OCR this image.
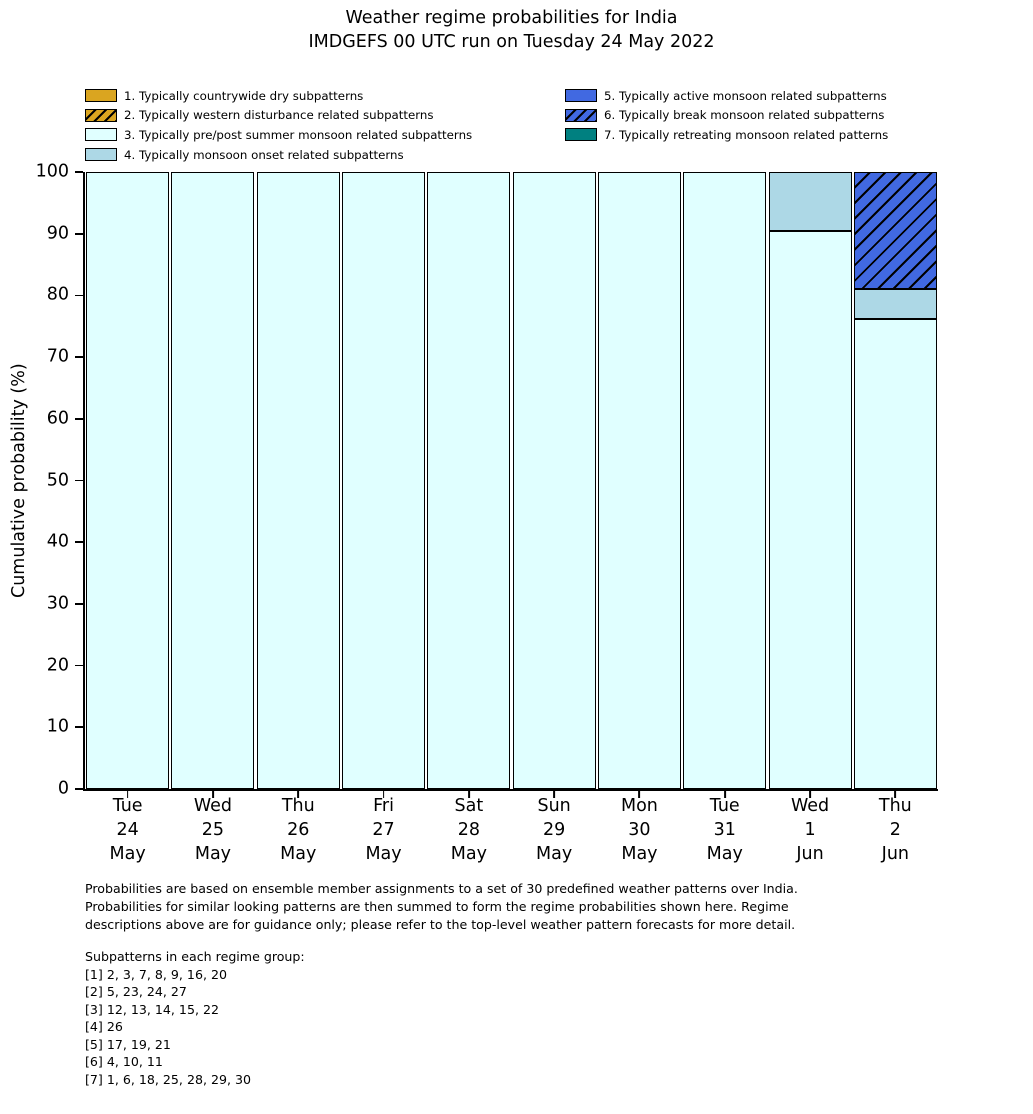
Weather regime probabilities for India
IMDGEFS 00 UTC run on Tuesday 24 May 2022
1. Typically countrywide dry subpatterns
2. Typically western disturbance related subpatterns
3. Typically pre/post summer monsoon related subpatterns
4. Typically monsoon onset related subpatterns
5. Typically active monsoon related subpatterns
6. Typically break monsoon related subpatterns
7. Typically retreating monsoon related patterns
Cumulative probability (%)
0
10
20
30
40
50
60
70
80
90
100
Tue
24
May
Wed
25
May
Thu
26
May
Fri
27
May
Sat
28
May
Sun
29
May
Mon
30
May
Tue
31
May
Wed
1
Jun
Thu
2
Jun
Probabilities are based on ensemble member assignments to a set of 30 predefined weather patterns over India.
Probabilities for similar looking patterns are then summed to form the regime probabilities shown here. Regime
descriptions above are for guidance only; please refer to the top-level weather pattern forecasts for more detail.
Subpatterns in each regime group:
[1] 2, 3, 7, 8, 9, 16, 20
[2] 5, 23, 24, 27
[3] 12, 13, 14, 15, 22
[4] 26
[5] 17, 19, 21
[6] 4, 10, 11
[7] 1, 6, 18, 25, 28, 29, 30
